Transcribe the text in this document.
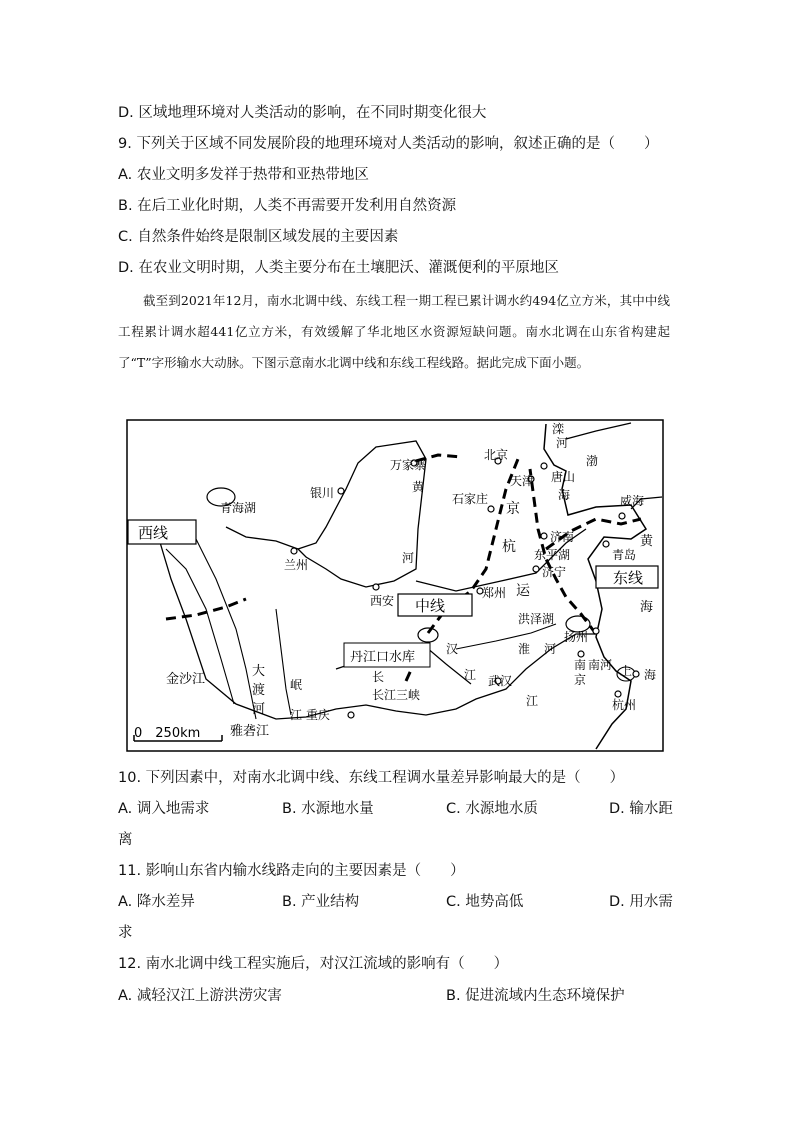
D. 区域地理环境对人类活动的影响，在不同时期变化很大
9. 下列关于区域不同发展阶段的地理环境对人类活动的影响，叙述正确的是（　　）
A. 农业文明多发祥于热带和亚热带地区
B. 在后工业化时期，人类不再需要开发利用自然资源
C. 自然条件始终是限制区域发展的主要因素
D. 在农业文明时期，人类主要分布在土壤肥沃、灌溉便利的平原地区

截至到2021年12月，南水北调中线、东线工程一期工程已累计调水约494亿立方米，其中中线工程累计调水超441亿立方米，有效缓解了华北地区水资源短缺问题。南水北调在山东省构建起了“T”字形输水大动脉。下图示意南水北调中线和东线工程线路。据此完成下面小题。

西线
中线
东线
青海湖
金沙江
大
渡
河
岷
江
雅砻江
重庆
兰州
银川
万家寨
黄
河
西安
北京
天津 唐山
滦
河
渤
海
石家庄
京
杭
运
济南
东平湖
济宁
威海
青岛
黄
海
郑州
丹江口水库
汉
江
长
长江三峡
武汉
江
洪泽湖
淮 河
扬州
南
京
南河 上 海
杭州
0　250km
10. 下列因素中，对南水北调中线、东线工程调水量差异影响最大的是（　　）
A. 调入地需求	B. 水源地水量	C. 水源地水质	D. 输水距
离
11. 影响山东省内输水线路走向的主要因素是（　　）
A. 降水差异	B. 产业结构	C. 地势高低	D. 用水需
求
12. 南水北调中线工程实施后，对汉江流域的影响有（　　）
A. 减轻汉江上游洪涝灾害	B. 促进流域内生态环境保护
